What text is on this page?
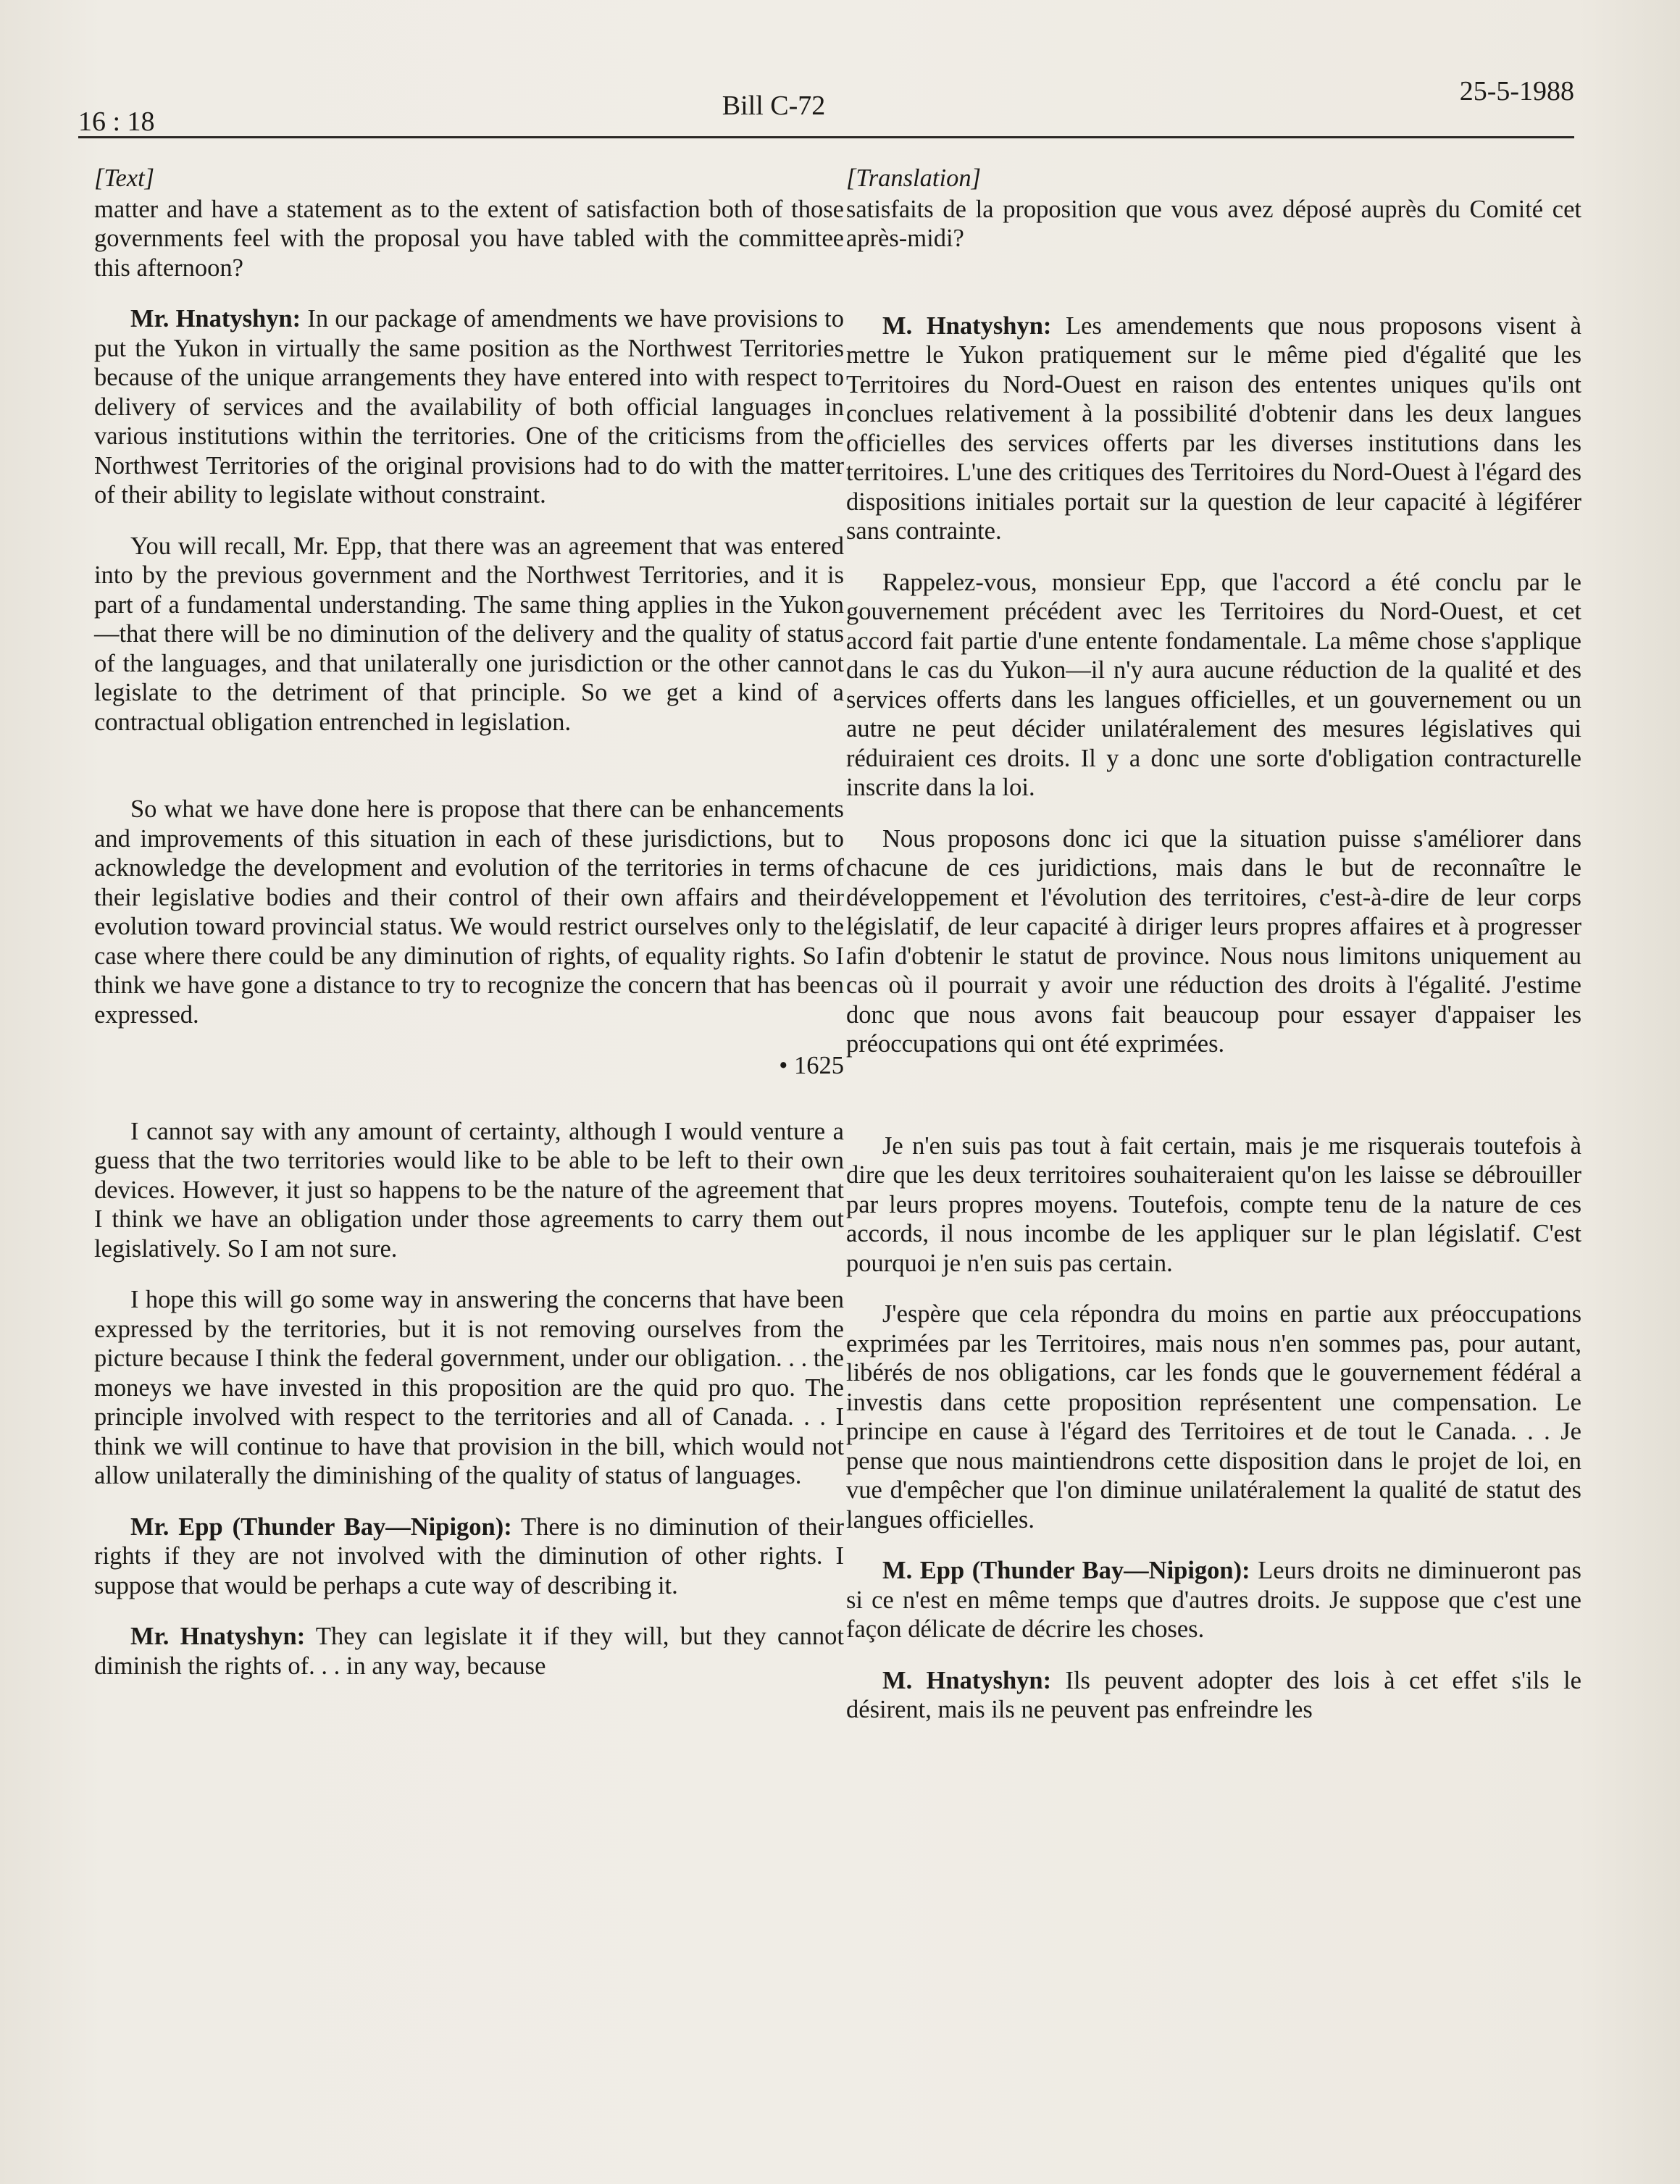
16 : 18
Bill C-72	25-5-1988
[Text]

matter and have a statement as to the extent of satisfaction both of those governments feel with the proposal you have tabled with the committee this afternoon?

Mr. Hnatyshyn: In our package of amendments we have provisions to put the Yukon in virtually the same position as the Northwest Territories because of the unique arrangements they have entered into with respect to delivery of services and the availability of both official languages in various institutions within the territories. One of the criticisms from the Northwest Territories of the original provisions had to do with the matter of their ability to legislate without constraint.

You will recall, Mr. Epp, that there was an agreement that was entered into by the previous government and the Northwest Territories, and it is part of a fundamental understanding. The same thing applies in the Yukon—that there will be no diminution of the delivery and the quality of status of the languages, and that unilaterally one jurisdiction or the other cannot legislate to the detriment of that principle. So we get a kind of a contractual obligation entrenched in legislation.

So what we have done here is propose that there can be enhancements and improvements of this situation in each of these jurisdictions, but to acknowledge the development and evolution of the territories in terms of their legislative bodies and their control of their own affairs and their evolution toward provincial status. We would restrict ourselves only to the case where there could be any diminution of rights, of equality rights. So I think we have gone a distance to try to recognize the concern that has been expressed.

• 1625

I cannot say with any amount of certainty, although I would venture a guess that the two territories would like to be able to be left to their own devices. However, it just so happens to be the nature of the agreement that I think we have an obligation under those agreements to carry them out legislatively. So I am not sure.

I hope this will go some way in answering the concerns that have been expressed by the territories, but it is not removing ourselves from the picture because I think the federal government, under our obligation. . . the moneys we have invested in this proposition are the quid pro quo. The principle involved with respect to the territories and all of Canada. . . I think we will continue to have that provision in the bill, which would not allow unilaterally the diminishing of the quality of status of languages.

Mr. Epp (Thunder Bay—Nipigon): There is no diminution of their rights if they are not involved with the diminution of other rights. I suppose that would be perhaps a cute way of describing it.

Mr. Hnatyshyn: They can legislate it if they will, but they cannot diminish the rights of. . . in any way, because

[Translation]

satisfaits de la proposition que vous avez déposé auprès du Comité cet après-midi?

M. Hnatyshyn: Les amendements que nous proposons visent à mettre le Yukon pratiquement sur le même pied d'égalité que les Territoires du Nord-Ouest en raison des ententes uniques qu'ils ont conclues relativement à la possibilité d'obtenir dans les deux langues officielles des services offerts par les diverses institutions dans les territoires. L'une des critiques des Territoires du Nord-Ouest à l'égard des dispositions initiales portait sur la question de leur capacité à légiférer sans contrainte.

Rappelez-vous, monsieur Epp, que l'accord a été conclu par le gouvernement précédent avec les Territoires du Nord-Ouest, et cet accord fait partie d'une entente fondamentale. La même chose s'applique dans le cas du Yukon—il n'y aura aucune réduction de la qualité et des services offerts dans les langues officielles, et un gouvernement ou un autre ne peut décider unilatéralement des mesures législatives qui réduiraient ces droits. Il y a donc une sorte d'obligation contracturelle inscrite dans la loi.

Nous proposons donc ici que la situation puisse s'améliorer dans chacune de ces juridictions, mais dans le but de reconnaître le développement et l'évolution des territoires, c'est-à-dire de leur corps législatif, de leur capacité à diriger leurs propres affaires et à progresser afin d'obtenir le statut de province. Nous nous limitons uniquement au cas où il pourrait y avoir une réduction des droits à l'égalité. J'estime donc que nous avons fait beaucoup pour essayer d'appaiser les préoccupations qui ont été exprimées.

Je n'en suis pas tout à fait certain, mais je me risquerais toutefois à dire que les deux territoires souhaiteraient qu'on les laisse se débrouiller par leurs propres moyens. Toutefois, compte tenu de la nature de ces accords, il nous incombe de les appliquer sur le plan législatif. C'est pourquoi je n'en suis pas certain.

J'espère que cela répondra du moins en partie aux préoccupations exprimées par les Territoires, mais nous n'en sommes pas, pour autant, libérés de nos obligations, car les fonds que le gouvernement fédéral a investis dans cette proposition représentent une compensation. Le principe en cause à l'égard des Territoires et de tout le Canada. . . Je pense que nous maintiendrons cette disposition dans le projet de loi, en vue d'empêcher que l'on diminue unilatéralement la qualité de statut des langues officielles.

M. Epp (Thunder Bay—Nipigon): Leurs droits ne diminueront pas si ce n'est en même temps que d'autres droits. Je suppose que c'est une façon délicate de décrire les choses.

M. Hnatyshyn: Ils peuvent adopter des lois à cet effet s'ils le désirent, mais ils ne peuvent pas enfreindre les
